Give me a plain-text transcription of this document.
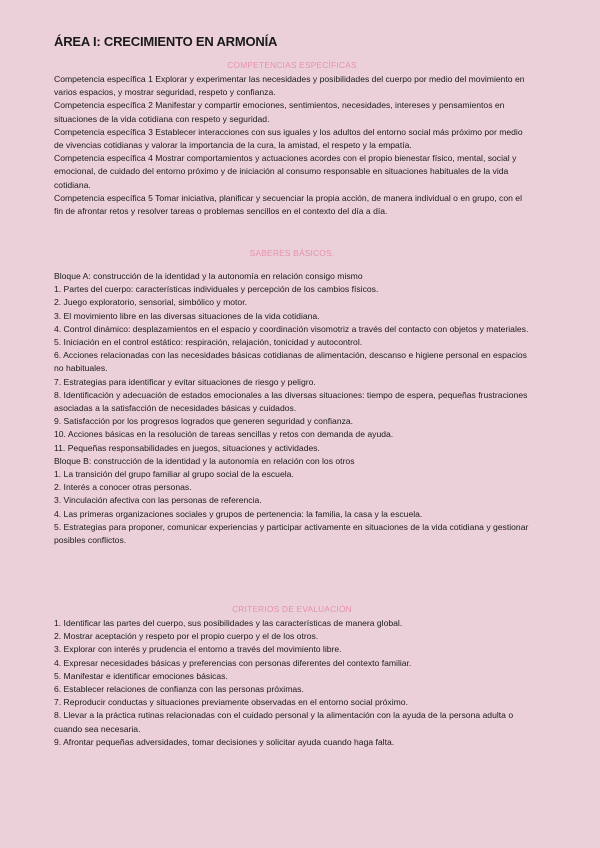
ÁREA I: CRECIMIENTO EN ARMONÍA
COMPETENCIAS ESPECÍFICAS

Competencia específica 1 Explorar y experimentar las necesidades y posibilidades del cuerpo por medio del movimiento en varios espacios, y mostrar seguridad, respeto y confianza.

Competencia específica 2 Manifestar y compartir emociones, sentimientos, necesidades, intereses y pensamientos en situaciones de la vida cotidiana con respeto y seguridad.

Competencia específica 3 Establecer interacciones con sus iguales y los adultos del entorno social más próximo por medio de vivencias cotidianas y valorar la importancia de la cura, la amistad, el respeto y la empatía.

Competencia específica 4 Mostrar comportamientos y actuaciones acordes con el propio bienestar físico, mental, social y emocional, de cuidado del entorno próximo y de iniciación al consumo responsable en situaciones habituales de la vida cotidiana.

Competencia específica 5 Tomar iniciativa, planificar y secuenciar la propia acción, de manera individual o en grupo, con el fin de afrontar retos y resolver tareas o problemas sencillos en el contexto del día a día.

SABERES BÁSICOS.

Bloque A: construcción de la identidad y la autonomía en relación consigo mismo

1. Partes del cuerpo: características individuales y percepción de los cambios físicos.

2. Juego exploratorio, sensorial, simbólico y motor.

3. El movimiento libre en las diversas situaciones de la vida cotidiana.

4. Control dinámico: desplazamientos en el espacio y coordinación visomotriz a través del contacto con objetos y materiales.

5. Iniciación en el control estático: respiración, relajación, tonicidad y autocontrol.

6. Acciones relacionadas con las necesidades básicas cotidianas de alimentación, descanso e higiene personal en espacios no habituales.

7. Estrategias para identificar y evitar situaciones de riesgo y peligro.

8. Identificación y adecuación de estados emocionales a las diversas situaciones: tiempo de espera, pequeñas frustraciones asociadas a la satisfacción de necesidades básicas y cuidados.

9. Satisfacción por los progresos logrados que generen seguridad y confianza.

10. Acciones básicas en la resolución de tareas sencillas y retos con demanda de ayuda.

11. Pequeñas responsabilidades en juegos, situaciones y actividades.

Bloque B: construcción de la identidad y la autonomía en relación con los otros

1. La transición del grupo familiar al grupo social de la escuela.

2. Interés a conocer otras personas.

3. Vinculación afectiva con las personas de referencia.

4. Las primeras organizaciones sociales y grupos de pertenencia: la familia, la casa y la escuela.

5. Estrategias para proponer, comunicar experiencias y participar activamente en situaciones de la vida cotidiana y gestionar posibles conflictos.

CRITERIOS DE EVALUACIÓN

1. Identificar las partes del cuerpo, sus posibilidades y las características de manera global.

2. Mostrar aceptación y respeto por el propio cuerpo y el de los otros.

3. Explorar con interés y prudencia el entorno a través del movimiento libre.

4. Expresar necesidades básicas y preferencias con personas diferentes del contexto familiar.

5. Manifestar e identificar emociones básicas.

6. Establecer relaciones de confianza con las personas próximas.

7. Reproducir conductas y situaciones previamente observadas en el entorno social próximo.

8. Llevar a la práctica rutinas relacionadas con el cuidado personal y la alimentación con la ayuda de la persona adulta o cuando sea necesaria.

9. Afrontar pequeñas adversidades, tomar decisiones y solicitar ayuda cuando haga falta.
